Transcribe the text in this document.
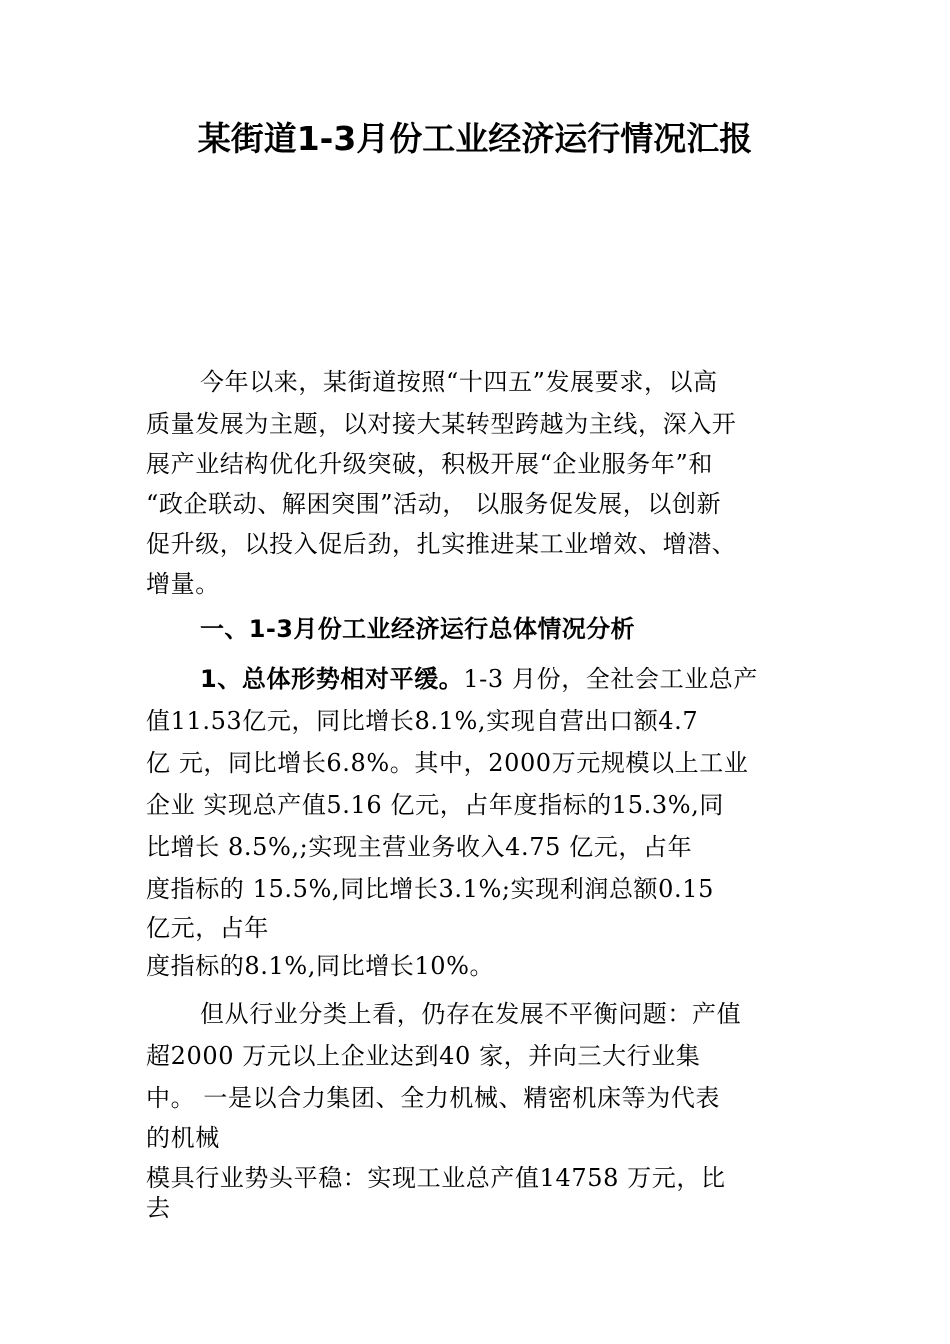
某街道1-3月份工业经济运行情况汇报
今年以来，某街道按照“十四五”发展要求，以高
质量发展为主题，以对接大某转型跨越为主线，深入开
展产业结构优化升级突破，积极开展“企业服务年”和
“政企联动、解困突围”活动， 以服务促发展，以创新
促升级，以投入促后劲，扎实推进某工业增效、增潜、
增量。
一、1-3月份工业经济运行总体情况分析
1、总体形势相对平缓。1-3 月份，全社会工业总产
值11.53亿元，同比增长8.1%,实现自营出口额4.7
亿 元，同比增长6.8%。其中，2000万元规模以上工业
企业 实现总产值5.16 亿元，占年度指标的15.3%,同
比增长 8.5%,;实现主营业务收入4.75 亿元，占年
度指标的 15.5%,同比增长3.1%;实现利润总额0.15
亿元，占年
度指标的8.1%,同比增长10%。
但从行业分类上看，仍存在发展不平衡问题：产值
超2000 万元以上企业达到40 家，并向三大行业集
中。 一是以合力集团、全力机械、精密机床等为代表
的机械
模具行业势头平稳：实现工业总产值14758 万元，比
去
